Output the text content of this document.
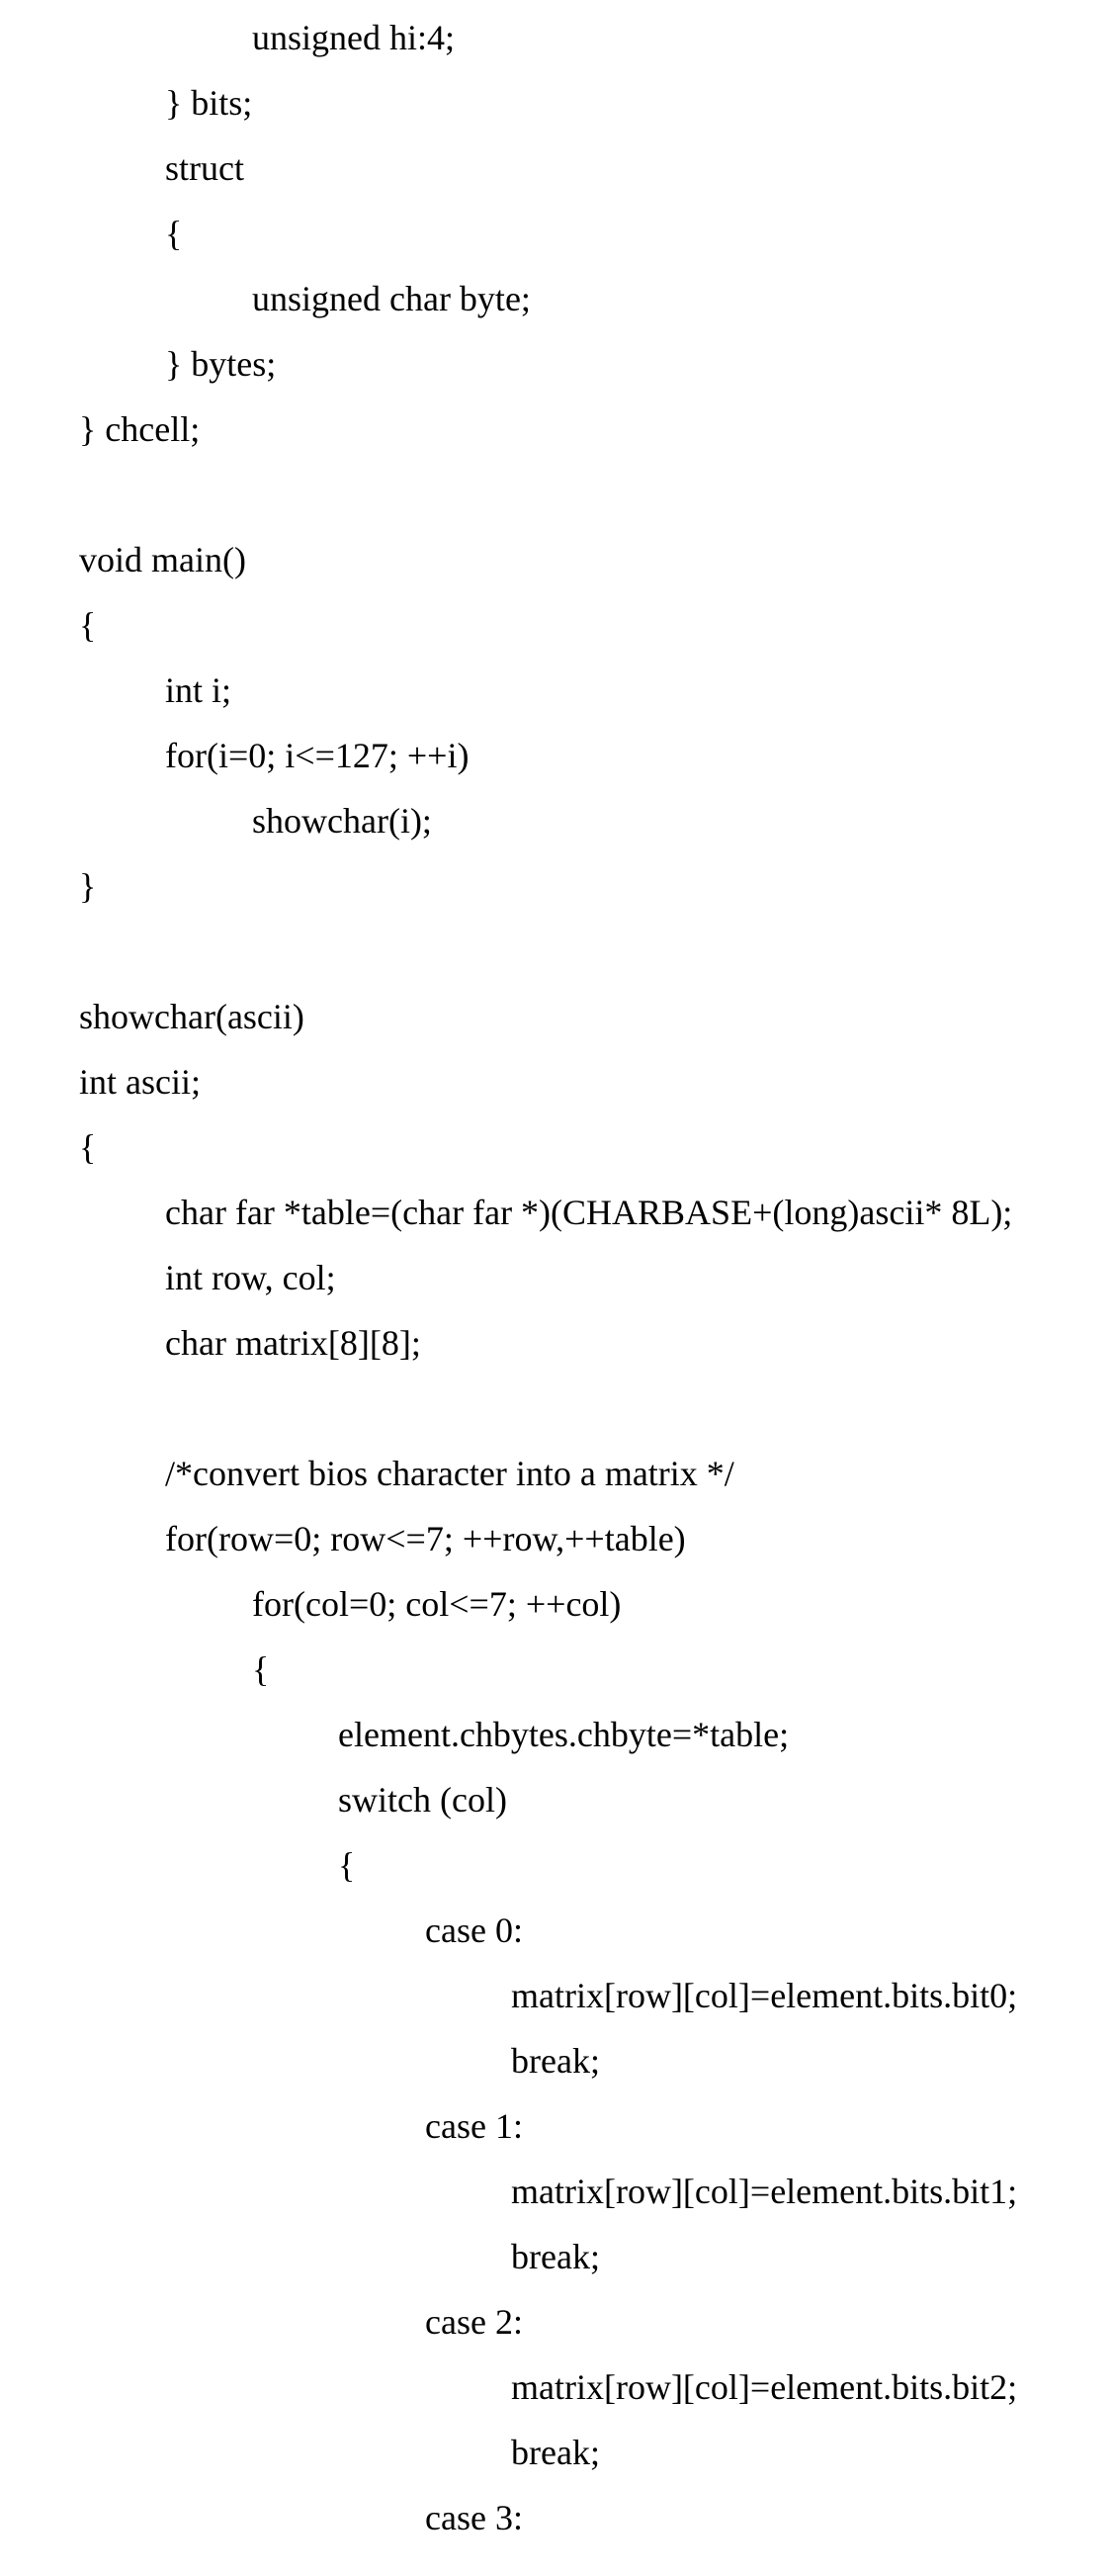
unsigned hi:4;
} bits;
struct
{
unsigned char byte;
} bytes;
} chcell;
void main()
{
int i;
for(i=0; i<=127; ++i)
showchar(i);
}
showchar(ascii)
int ascii;
{
char far *table=(char far *)(CHARBASE+(long)ascii* 8L);
int row, col;
char matrix[8][8];
/*convert bios character into a matrix */
for(row=0; row<=7; ++row,++table)
for(col=0; col<=7; ++col)
{
element.chbytes.chbyte=*table;
switch (col)
{
case 0:
matrix[row][col]=element.bits.bit0;
break;
case 1:
matrix[row][col]=element.bits.bit1;
break;
case 2:
matrix[row][col]=element.bits.bit2;
break;
case 3:
